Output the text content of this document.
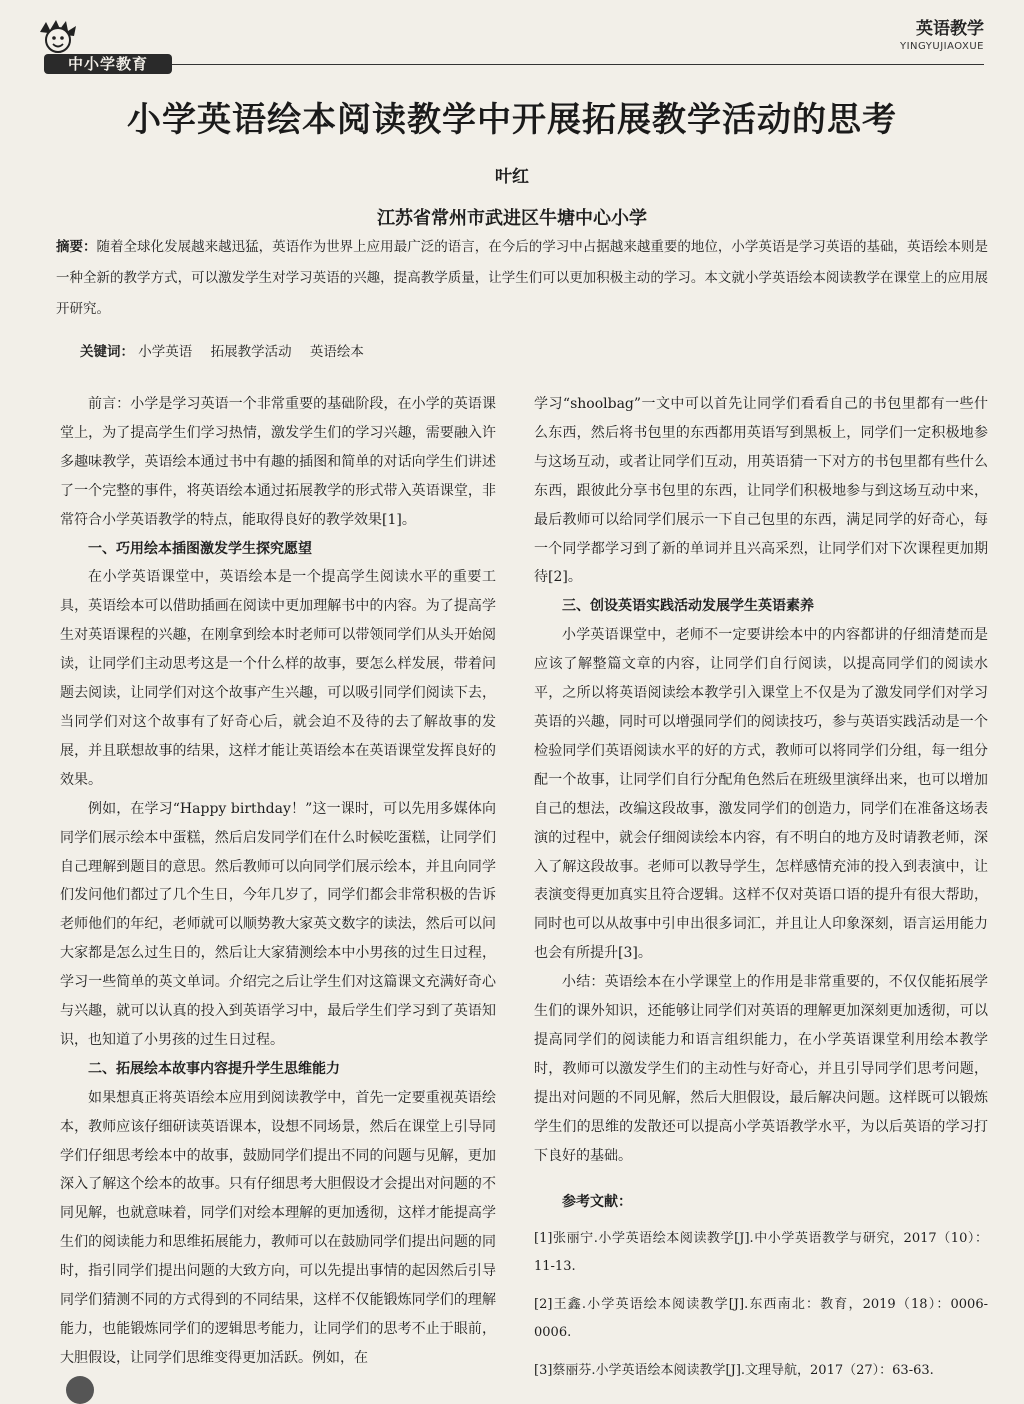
中小学教育
英语教学
YINGYUJIAOXUE
小学英语绘本阅读教学中开展拓展教学活动的思考
叶红
江苏省常州市武进区牛塘中心小学
摘要：随着全球化发展越来越迅猛，英语作为世界上应用最广泛的语言，在今后的学习中占据越来越重要的地位，小学英语是学习英语的基础，英语绘本则是一种全新的教学方式，可以激发学生对学习英语的兴趣，提高教学质量，让学生们可以更加积极主动的学习。本文就小学英语绘本阅读教学在课堂上的应用展开研究。
关键词： 小学英语 拓展教学活动 英语绘本

前言：小学是学习英语一个非常重要的基础阶段，在小学的英语课堂上，为了提高学生们学习热情，激发学生们的学习兴趣，需要融入许多趣味教学，英语绘本通过书中有趣的插图和简单的对话向学生们讲述了一个完整的事件，将英语绘本通过拓展教学的形式带入英语课堂，非常符合小学英语教学的特点，能取得良好的教学效果[1]。

一、巧用绘本插图激发学生探究愿望

在小学英语课堂中，英语绘本是一个提高学生阅读水平的重要工具，英语绘本可以借助插画在阅读中更加理解书中的内容。为了提高学生对英语课程的兴趣，在刚拿到绘本时老师可以带领同学们从头开始阅读，让同学们主动思考这是一个什么样的故事，要怎么样发展，带着问题去阅读，让同学们对这个故事产生兴趣，可以吸引同学们阅读下去，当同学们对这个故事有了好奇心后，就会迫不及待的去了解故事的发展，并且联想故事的结果，这样才能让英语绘本在英语课堂发挥良好的效果。

例如，在学习“Happy birthday！”这一课时，可以先用多媒体向同学们展示绘本中蛋糕，然后启发同学们在什么时候吃蛋糕，让同学们自己理解到题目的意思。然后教师可以向同学们展示绘本，并且向同学们发问他们都过了几个生日，今年几岁了，同学们都会非常积极的告诉老师他们的年纪，老师就可以顺势教大家英文数字的读法，然后可以问大家都是怎么过生日的，然后让大家猜测绘本中小男孩的过生日过程，学习一些简单的英文单词。介绍完之后让学生们对这篇课文充满好奇心与兴趣，就可以认真的投入到英语学习中，最后学生们学习到了英语知识，也知道了小男孩的过生日过程。

二、拓展绘本故事内容提升学生思维能力

如果想真正将英语绘本应用到阅读教学中，首先一定要重视英语绘本，教师应该仔细研读英语课本，设想不同场景，然后在课堂上引导同学们仔细思考绘本中的故事，鼓励同学们提出不同的问题与见解，更加深入了解这个绘本的故事。只有仔细思考大胆假设才会提出对问题的不同见解，也就意味着，同学们对绘本理解的更加透彻，这样才能提高学生们的阅读能力和思维拓展能力，教师可以在鼓励同学们提出问题的同时，指引同学们提出问题的大致方向，可以先提出事情的起因然后引导同学们猜测不同的方式得到的不同结果，这样不仅能锻炼同学们的理解能力，也能锻炼同学们的逻辑思考能力，让同学们的思考不止于眼前，大胆假设，让同学们思维变得更加活跃。例如，在

学习“shoolbag”一文中可以首先让同学们看看自己的书包里都有一些什么东西，然后将书包里的东西都用英语写到黑板上，同学们一定积极地参与这场互动，或者让同学们互动，用英语猜一下对方的书包里都有些什么东西，跟彼此分享书包里的东西，让同学们积极地参与到这场互动中来，最后教师可以给同学们展示一下自己包里的东西，满足同学的好奇心，每一个同学都学习到了新的单词并且兴高采烈，让同学们对下次课程更加期待[2]。

三、创设英语实践活动发展学生英语素养

小学英语课堂中，老师不一定要讲绘本中的内容都讲的仔细清楚而是应该了解整篇文章的内容，让同学们自行阅读，以提高同学们的阅读水平，之所以将英语阅读绘本教学引入课堂上不仅是为了激发同学们对学习英语的兴趣，同时可以增强同学们的阅读技巧，参与英语实践活动是一个检验同学们英语阅读水平的好的方式，教师可以将同学们分组，每一组分配一个故事，让同学们自行分配角色然后在班级里演绎出来，也可以增加自己的想法，改编这段故事，激发同学们的创造力，同学们在准备这场表演的过程中，就会仔细阅读绘本内容，有不明白的地方及时请教老师，深入了解这段故事。老师可以教导学生，怎样感情充沛的投入到表演中，让表演变得更加真实且符合逻辑。这样不仅对英语口语的提升有很大帮助，同时也可以从故事中引申出很多词汇，并且让人印象深刻，语言运用能力也会有所提升[3]。

小结：英语绘本在小学课堂上的作用是非常重要的，不仅仅能拓展学生们的课外知识，还能够让同学们对英语的理解更加深刻更加透彻，可以提高同学们的阅读能力和语言组织能力，在小学英语课堂利用绘本教学时，教师可以激发学生们的主动性与好奇心，并且引导同学们思考问题，提出对问题的不同见解，然后大胆假设，最后解决问题。这样既可以锻炼学生们的思维的发散还可以提高小学英语教学水平，为以后英语的学习打下良好的基础。

参考文献：
[1]张丽宁.小学英语绘本阅读教学[J].中小学英语教学与研究，2017（10）：11-13.
[2]王鑫.小学英语绘本阅读教学[J].东西南北：教育，2019（18）：0006-0006.
[3]蔡丽芬.小学英语绘本阅读教学[J].文理导航，2017（27）：63-63.
